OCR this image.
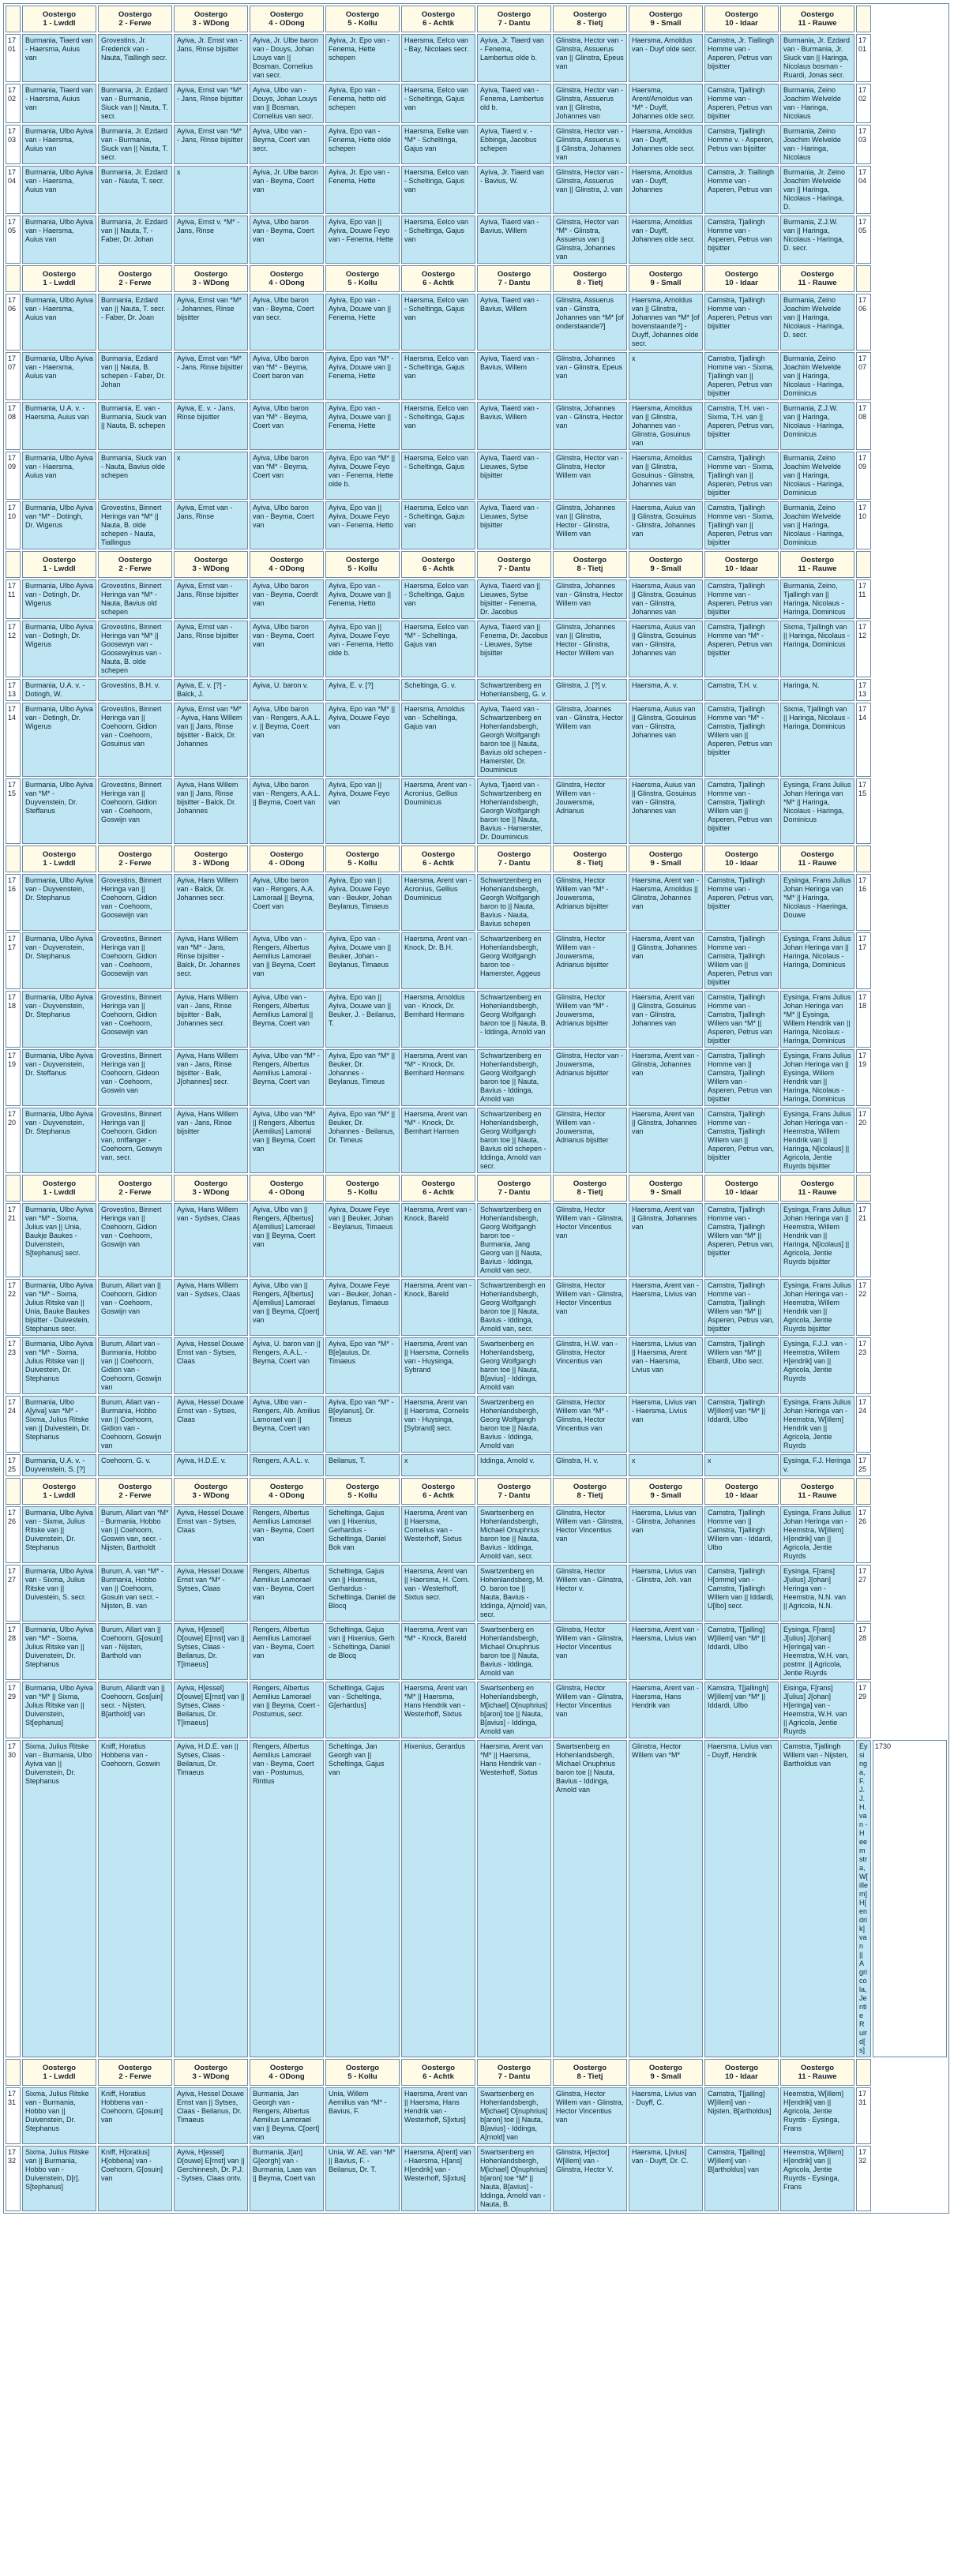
	Oostergo
1 - Lwddl	Oostergo
2 - Ferwe	Oostergo
3 - WDong	Oostergo
4 - ODong	Oostergo
5 - Kollu	Oostergo
6 - Achtk	Oostergo
7 - Dantu	Oostergo
8 - Tietj	Oostergo
9 - Small	Oostergo
10 - Idaar	Oostergo
11 - Rauwe		

1701	Burmania, Tiaerd van - Haersma, Auius van	Grovestins, Jr. Frederick van - Nauta, Tiallingh secr.	Ayiva, Jr. Ernst van - Jans, Rinse bijsitter	Ayiva, Jr. Ulbe baron van - Douys, Johan Louys van || Bosman, Cornelius van secr.	Ayiva, Jr. Epo van - Fenema, Hette schepen	Haersma, Eelco van - Bay, Nicolaes secr.	Ayiva, Jr. Tiaerd van - Fenema, Lambertus olde b.	Glinstra, Hector van - Glinstra, Assuerus van || Glinstra, Epeus van	Haersma, Arnoldus van - Duyf olde secr.	Camstra, Jr. Tiallingh Homme van - Asperen, Petrus van bijsitter	Burmania, Jr. Ezdard van - Burmania, Jr. Siuck van || Haringa, Nicolaus bosman - Ruardi, Jonas secr.	1701	
1702	Burmania, Tiaerd van - Haersma, Auius van	Burmania, Jr. Ezdard van - Burmania, Siuck van || Nauta, T. secr.	Ayiva, Ernst van *M* - Jans, Rinse bijsitter	Ayiva, Ulbo van - Douys, Johan Louys van || Bosman, Cornelius van secr.	Ayiva, Epo van - Fenema, hetto old schepen	Haersma, Eelco van - Scheltinga, Gajus van	Ayiva, Tiaerd van - Fenema, Lambertus old b.	Glinstra, Hector van - Glinstra, Assuerus van || Glinstra, Johannes van	Haersma, Arent/Arnoldus van *M* - Duyff, Johannes olde secr.	Camstra, Tjallingh Homme van - Asperen, Petrus van bijsitter	Burmania, Zeino Joachim Welvelde van - Haringa, Nicolaus	1702	
1703	Burmania, Ulbo Ayiva van - Haersma, Auius van	Burmania, Jr. Ezdard van - Burmania, Siuck van || Nauta, T. secr.	Ayiva, Ernst van *M* - Jans, Rinse bijsitter	Ayiva, Ulbo van - Beyma, Coert van secr.	Ayiva, Epo van - Fenema, Hette olde schepen	Haersma, Eelke van *M* - Scheltinga, Gajus van	Ayiva, Tiaerd v. - Ebbinga, Jacobus schepen	Glinstra, Hector van - Glinstra, Assuerus v. || Glinstra, Johannes van	Haersma, Arnoldus van - Duyff, Johannes olde secr.	Camstra, Tjallingh Homme v. - Asperen, Petrus van bijsitter	Burmania, Zeino Joachim Welvelde van - Haringa, Nicolaus	1703	
1704	Burmania, Ulbo Ayiva van - Haersma, Auius van	Burmania, Jr. Ezdard van - Nauta, T. secr.	x	Ayiva, Jr. Ulbe baron van - Beyma, Coert van	Ayiva, Jr. Epo van - Fenema, Hette	Haersma, Eelco van - Scheltinga, Gajus van	Ayiva, Jr. Tiaerd van - Bavius, W.	Glinstra, Hector van - Glinstra, Assuerus van || Glinstra, J. van	Haersma, Arnoldus van - Duyff, Johannes	Camstra, Jr. Tiallingh Homme van - Asperen, Petrus van	Burmania, Jr. Zeino Joachim Welvelde van || Haringa, Nicolaus - Haringa, D.	1704	
1705	Burmania, Ulbo Ayiva van - Haersma, Auius van	Burmania, Jr. Ezdard van || Nauta, T. - Faber, Dr. Johan	Ayiva, Ernst v. *M* - Jans, Rinse	Ayiva, Ulbo baron van - Beyma, Coert van	Ayiva, Epo van || Ayiva, Douwe Feyo van - Fenema, Hette	Haersma, Eelco van - Scheltinga, Gajus van	Ayiva, Tiaerd van - Bavius, Willem	Glinstra, Hector van *M* - Glinstra, Assuerus van || Glinstra, Johannes van	Haersma, Arnoldus van - Duyff, Johannes olde secr.	Camstra, Tjallingh Homme van - Asperen, Petrus van bijsitter	Burmania, Z.J.W. van || Haringa, Nicolaus - Haringa, D. secr.	1705	

	Oostergo
1 - Lwddl	Oostergo
2 - Ferwe	Oostergo
3 - WDong	Oostergo
4 - ODong	Oostergo
5 - Kollu	Oostergo
6 - Achtk	Oostergo
7 - Dantu	Oostergo
8 - Tietj	Oostergo
9 - Small	Oostergo
10 - Idaar	Oostergo
11 - Rauwe		

1706	Burmania, Ulbo Ayiva van - Haersma, Auius van	Burmania, Ezdard van || Nauta, T. secr. - Faber, Dr. Joan	Ayiva, Ernst van *M* - Johannes, Rinse bijsitter	Ayiva, Ulbo baron van - Beyma, Coert van secr.	Ayiva, Epo van - Ayiva, Douwe van || Fenema, Hette	Haersma, Eelco van - Scheltinga, Gajus van	Ayiva, Tiaerd van - Bavius, Willem	Glinstra, Assuerus van - Glinstra, Johannes van *M* [of onderstaande?]	Haersma, Arnoldus van || Glinstra, Johannes van *M* [of bovenstaande?] - Duyff, Johannes olde secr.	Camstra, Tjallingh Homme van - Asperen, Petrus van bijsitter	Burmania, Zeino Joachim Welvelde van || Haringa, Nicolaus - Haringa, D. secr.	1706	
1707	Burmania, Ulbo Ayiva van - Haersma, Auius van	Burmania, Ezdard van || Nauta, B. schepen - Faber, Dr. Johan	Ayiva, Ernst van *M* - Jans, Rinse bijsitter	Ayiva, Ulbo baron van *M* - Beyma, Coert baron van	Ayiva, Epo van *M* - Ayiva, Douwe van || Fenema, Hette	Haersma, Eelco van - Scheltinga, Gajus van	Ayiva, Tiaerd van - Bavius, Willem	Glinstra, Johannes van - Glinstra, Epeus van	x	Camstra, Tjallingh Homme van - Sixma, Tjallingh van || Asperen, Petrus van bijsitter	Burmania, Zeino Joachim Welvelde van || Haringa, Nicolaus - Haringa, Dominicus	1707	
1708	Burmania, U.A. v. - Haersma, Auius van	Burmania, E. van - Burmania, Siuck van || Nauta, B. schepen	Ayiva, E. v. - Jans, Rinse bijsitter	Ayiva, Ulbo baron van *M* - Beyma, Coert van	Ayiva, Epo van - Ayiva, Douwe van || Fenema, Hette	Haersma, Eelco van - Scheltinga, Gajus van	Ayiva, Tiaerd van - Bavius, Willem	Glinstra, Johannes van - Glinstra, Hector van	Haersma, Arnoldus van || Glinstra, Johannes van - Glinstra, Gosuinus van	Camstra, T.H. van - Sixma, T.H. van || Asperen, Petrus van, bijsitter	Burmania, Z.J.W. van || Haringa, Nicolaus - Haringa, Dominicus	1708	
1709	Burmania, Ulbo Ayiva van - Haersma, Auius van	Burmania, Siuck van - Nauta, Bavius olde schepen	x	Ayiva, Ulbe baron van *M* - Beyma, Coert van	Ayiva, Epo van *M* || Ayiva, Douwe Feyo van - Fenema, Hette olde b.	Haersma, Eelco van - Scheltinga, Gajus	Ayiva, Tiaerd van - Lieuwes, Sytse bijsitter	Glinstra, Hector van - Glinstra, Hector Willem van	Haersma, Arnoldus van || Glinstra, Gosuinus - Glinstra, Johannes van	Camstra, Tjallingh Homme van - Sixma, Tjallingh van || Asperen, Petrus van bijsitter	Burmania, Zeino Joachim Welvelde van || Haringa, Nicolaus - Haringa, Dominicus	1709	
1710	Burmania, Ulbo Ayiva van *M* - Dotingh, Dr. Wigerus	Grovestins, Binnert Heringa van *M* || Nauta, B. olde schepen - Nauta, Tiallingus	Ayiva, Ernst van - Jans, Rinse	Ayiva, Ulbo baron van - Beyma, Coert van	Ayiva, Epo van || Ayiva, Douwe Feyo van - Fenema, Hetto	Haersma, Eelco van - Scheltinga, Gajus van	Ayiva, Tiaerd van - Lieuwes, Sytse bijsitter	Glinstra, Johannes van || Glinstra, Hector - Glinstra, Willem van	Haersma, Auius van || Glinstra, Gosuinus - Glinstra, Johannes van	Camstra, Tjallingh Homme van - Sixma, Tjallingh van || Asperen, Petrus van bijsitter	Burmania, Zeino Joachim Welvelde van || Haringa, Nicolaus - Haringa, Dominicus	1710	

	Oostergo
1 - Lwddl	Oostergo
2 - Ferwe	Oostergo
3 - WDong	Oostergo
4 - ODong	Oostergo
5 - Kollu	Oostergo
6 - Achtk	Oostergo
7 - Dantu	Oostergo
8 - Tietj	Oostergo
9 - Small	Oostergo
10 - Idaar	Oostergo
11 - Rauwe		

1711	Burmania, Ulbo Ayiva van - Dotingh, Dr. Wigerus	Grovestins, Binnert Heringa van *M* - Nauta, Bavius old schepen	Ayiva, Ernst van - Jans, Rinse bijsitter	Ayiva, Ulbo baron van - Beyma, Coerdt van	Ayiva, Epo van - Ayiva, Douwe van || Fenema, Hetto	Haersma, Eelco van - Scheltinga, Gajus van	Ayiva, Tiaerd van || Lieuwes, Sytse bijsitter - Fenema, Dr. Jacobus	Glinstra, Johannes van - Glinstra, Hector Willem van	Haersma, Auius van || Glinstra, Gosuinus van - Glinstra, Johannes van	Camstra, Tjallingh Homme van - Asperen, Petrus van bijsitter	Burmania, Zeino, Tjallingh van || Haringa, Nicolaus - Haringa, Dominicus	1711	
1712	Burmania, Ulbo Ayiva van - Dotingh, Dr. Wigerus	Grovestins, Binnert Heringa van *M* || Goosewyn van - Goosewyinus van - Nauta, B. olde schepen	Ayiva, Ernst van - Jans, Rinse bijsitter	Ayiva, Ulbo baron van - Beyma, Coert van	Ayiva, Epo van || Ayiva, Douwe Feyo van - Fenema, Hetto olde b.	Haersma, Eelco van *M* - Scheltinga, Gajus van	Ayiva, Tiaerd van || Fenema, Dr. Jacobus - Lieuwes, Sytse bijsitter	Glinstra, Johannes van || Glinstra, Hector - Glinstra, Hector Willem van	Haersma, Auius van || Glinstra, Gosuinus van - Glinstra, Johannes van	Camstra, Tjallingh Homme van *M* - Asperen, Petrus van bijsitter	Sixma, Tjallingh van || Haringa, Nicolaus - Haringa, Dominicus	1712	
1713	Burmania, U.A. v. - Dotingh, W.	Grovestins, B.H. v.	Ayiva, E. v. [?] - Balck, J.	Ayiva, U. baron v.	Ayiva, E. v. [?]	Scheltinga, G. v.	Schwartzenberg en Hohenlansberg, G. v.	Glinstra, J. [?] v.	Haersma, A. v.	Camstra, T.H. v.	Haringa, N.	1713	
1714	Burmania, Ulbo Ayiva van - Dotingh, Dr. Wigerus	Grovestins, Binnert Heringa van || Coehoorn, Gidion van - Coehoorn, Gosuinus van	Ayiva, Ernst van *M* - Ayiva, Hans Willem van || Jans, Rinse bijsitter - Balck, Dr. Johannes	Ayiva, Ulbo baron van - Rengers, A.A.L. v. || Beyma, Coert van	Ayiva, Epo van *M* || Ayiva, Douwe Feyo van	Haersma, Arnoldus van - Scheltinga, Gajus van	Ayiva, Tiaerd van - Schwartzenberg en Hohenlandsbergh, Georgh Wolfgangh baron toe || Nauta, Bavius old schepen - Hamerster, Dr. Douminicus	Glinstra, Joannes van - Glinstra, Hector Willem van	Haersma, Auius van || Glinstra, Gosuinus van - Glinstra, Johannes van	Camstra, Tjallingh Homme van *M* - Camstra, Tjallingh Willem van || Asperen, Petrus van bijsitter	Sixma, Tjallingh van || Haringa, Nicolaus - Haringa, Dominicus	1714	
1715	Burmania, Ulbo Ayiva van *M* - Duyvenstein, Dr. Steffanus	Grovestins, Binnert Heringa van || Coehoorn, Gidion van - Coehoorn, Goswijn van	Ayiva, Hans Willem van || Jans, Rinse bijsitter - Balck, Dr. Johannes	Ayiva, Ulbo baron van - Rengers, A.A.L. || Beyma, Coert van	Ayiva, Epo van || Ayiva, Douwe Feyo van	Haersma, Arent van - Acronius, Gellius Douminicus	Ayiva, Tjaerd van - Schwartzenberg en Hohenlandsbergh, Georgh Wolfgangh baron toe || Nauta, Bavius - Hamerster, Dr. Douminicus	Glinstra, Hector Willem van - Jouwersma, Adrianus	Haersma, Auius van || Glinstra, Gosuinus van - Glinstra, Johannes van	Camstra, Tjallingh Homme van - Camstra, Tjallingh Willem van || Asperen, Petrus van bijsitter	Eysinga, Frans Julius Johan Heringa van *M* || Haringa, Nicolaus - Haringa, Dominicus	1715	

	Oostergo
1 - Lwddl	Oostergo
2 - Ferwe	Oostergo
3 - WDong	Oostergo
4 - ODong	Oostergo
5 - Kollu	Oostergo
6 - Achtk	Oostergo
7 - Dantu	Oostergo
8 - Tietj	Oostergo
9 - Small	Oostergo
10 - Idaar	Oostergo
11 - Rauwe		

1716	Burmania, Ulbo Ayiva van - Duyvenstein, Dr. Stephanus	Grovestins, Binnert Heringa van || Coehoorn, Gidion van - Coehoorn, Goosewijn van	Ayiva, Hans Willem van - Balck, Dr. Johannes secr.	Ayiva, Ulbo baron van - Rengers, A.A. Lamoraal || Beyma, Coert van	Ayiva, Epo van || Ayiva, Douwe Feyo van - Beuker, Johan Beylanus, Timaeus	Haersma, Arent van - Acronius, Gellius Douminicus	Schwartzenberg en Hohenlandsbergh, Georgh Wolfgangh baron to || Nauta, Bavius - Nauta, Bavius schepen	Glinstra, Hector Willem van *M* - Jouwersma, Adrianus bijsitter	Haersma, Arent van - Haersma, Arnoldus || Glinstra, Johannes van	Camstra, Tjallingh Homme van - Asperen, Petrus van, bijsitter	Eysinga, Frans Julius Johan Heringa van *M* || Haringa, Nicolaus - Haeringa, Douwe	1716	
1717	Burmania, Ulbo Ayiva van - Duyvenstein, Dr. Stephanus	Grovestins, Binnert Heringa van || Coehoorn, Gidion van - Coehoorn, Goosewijn van	Ayiva, Hans Willem van *M* - Jans, Rinse bijsitter - Balck, Dr. Johannes secr.	Ayiva, Ulbo van - Rengers, Albertus Aemilius Lamorael van || Beyma, Coert van	Ayiva, Epo van - Ayiva, Douwe van || Beuker, Johan - Beylanus, Timaeus	Haersma, Arent van - Knock, Dr. B.H.	Schwartzenberg en Hohenlandsbergh, Georg Wolfgangh baron toe - Hamerster, Aggeus	Glinstra, Hector Willem van - Jouwersma, Adrianus bijsitter	Haersma, Arent van || Glinstra, Johannes van	Camstra, Tjallingh Homme van - Camstra, Tjallingh Willem van || Asperen, Petrus van bijsitter	Eysinga, Frans Julius Johan Heringa van || Haringa, Nicolaus - Haringa, Dominicus	1717	
1718	Burmania, Ulbo Ayiva van - Duyvenstein, Dr. Stephanus	Grovestins, Binnert Heringa van || Coehoorn, Gidion van - Coehoorn, Goosewijn van	Ayiva, Hans Willem van - Jans, Rinse bijsitter - Balk, Johannes secr.	Ayiva, Ulbo van - Rengers, Albertus Aemilius Lamoral || Beyma, Coert van	Ayiva, Epo van || Ayiva, Douwe van || Beuker, J. - Beilanus, T.	Haersma, Arnoldus van - Knock, Dr. Bernhard Hermans	Schwartzenberg en Hohenlandsbergh, Georg Wolfgangh baron toe || Nauta, B. - Iddinga, Arnold van	Glinstra, Hector Willem van *M* - Jouwersma, Adrianus bijsitter	Haersma, Arent van || Glinstra, Gosuinus van - Glinstra, Johannes van	Camstra, Tjallingh Homme van - Camstra, Tjallingh Willem van *M* || Asperen, Petrus van bijsitter	Eysinga, Frans Julius Johan Heringa van *M* || Eysinga, Willem Hendrik van || Haringa, Nicolaus - Haringa, Dominicus	1718	
1719	Burmania, Ulbo Ayiva van - Duyvenstein, Dr. Steffanus	Grovestins, Binnert Heringa van || Coehoorn, Gideon van - Coehoorn, Goswin van	Ayiva, Hans Willem van - Jans, Rinse bijsitter - Balk, J[ohannes] secr.	Ayiva, Ulbo van *M* - Rengers, Albertus Aemilius Lamoral - Beyma, Coert van	Ayiva, Epo van *M* || Beuker, Dr. Johannes - Beylanus, Timeus	Haersma, Arent van *M* - Knock, Dr. Bernhard Hermans	Schwartzenberg en Hohenlandsbergh, Georg Wolfgangh baron toe || Nauta, Bavius - Iddinga, Arnold van	Glinstra, Hector van - Jouwersma, Adrianus bijsitter	Haersma, Arent van - Glinstra, Johannes van	Camstra, Tjallingh Homme van || Camstra, Tjallingh Willem van - Asperen, Petrus van bijsitter	Eysinga, Frans Julius Johan Heringa van || Eysinga, Willem Hendrik van || Haringa, Nicolaus - Haringa, Dominicus	1719	
1720	Burmania, Ulbo Ayiva van - Duyvenstein, Dr. Stephanus	Grovestins, Binnert Heringa van || Coehoorn, Gidion van, ontfanger - Coehoorn, Goswyn van, secr.	Ayiva, Hans Willem van - Jans, Rinse bijsitter	Ayiva, Ulbo van *M* || Rengers, Albertus [Aemilius] Lamoral van || Beyma, Coert van	Ayiva, Epo van *M* || Beuker, Dr. Johannes - Beilanus, Dr. Timeus	Haersma, Arent van *M* - Knock, Dr. Bernhart Harmen	Schwartzenberg en Hohenlandsbergh, Georg Wolfgangh baron toe || Nauta, Bavius old schepen - Iddinga, Arnold van secr.	Glinstra, Hector Willem van - Jouwersma, Adrianus bijsitter	Haersma, Arent van || Glinstra, Johannes van	Camstra, Tjallingh Homme van - Camstra, Tjallingh Willem van || Asperen, Petrus van, bijsitter	Eysinga, Frans Julius Johan Heringa van - Heemstra, Willem Hendrik van || Haringa, N[icolaus] || Agricola, Jentie Ruyrds bijsitter	1720	

	Oostergo
1 - Lwddl	Oostergo
2 - Ferwe	Oostergo
3 - WDong	Oostergo
4 - ODong	Oostergo
5 - Kollu	Oostergo
6 - Achtk	Oostergo
7 - Dantu	Oostergo
8 - Tietj	Oostergo
9 - Small	Oostergo
10 - Idaar	Oostergo
11 - Rauwe		

1721	Burmania, Ulbo Ayiva van *M* - Sixma, Julius van || Unia, Baukje Baukes - Duivenstein, S[tephanus] secr.	Grovestins, Binnert Heringa van || Coehoorn, Gidion van - Coehoorn, Goswijn van	Ayiva, Hans Willem van - Sydses, Claas	Ayiva, Ulbo van || Rengers, A[lbertus] A[emilius] Lamorael van || Beyma, Coert van	Ayiva, Douwe Feye van || Beuker, Johan - Beylanus, Timaeus	Haersma, Arent van - Knock, Bareld	Schwartzenberg en Hohenlandsbergh, Georg Wolfgangh baron toe - Burmania, Jang Georg van || Nauta, Bavius - Iddinga, Arnold van secr.	Glinstra, Hector Willem van - Glinstra, Hector Vincentius van	Haersma, Arent van || Glinstra, Johannes van	Camstra, Tjallingh Homme van - Camstra, Tjallingh Willem van *M* || Asperen, Petrus van, bijsitter	Eysinga, Frans Julius Johan Heringa van || Heemstra, Willem Hendrik van || Haringa, N[icolaus] || Agricola, Jentie Ruyrds bijsitter	1721	
1722	Burmania, Ulbo Ayiva van *M* - Sixma, Julius Ritske van || Unia, Bauke Baukes bijsitter - Duivestein, Stephanus secr.	Burum, Allart van || Coehoorn, Gidion van - Coehoorn, Goswijn van	Ayiva, Hans Willem van - Sydses, Claas	Ayiva, Ulbo van || Rengers, A[lbertus] A[emilius] Lamorael van || Beyma, C[oert] van	Ayiva, Douwe Feye van - Beuker, Johan - Beylanus, Timaeus	Haersma, Arent van - Knock, Bareld	Schwartzenbergh en Hohenlandsbergh, Georg Wolfgangh baron toe || Nauta, Bavius - Iddinga, Arnold van, secr.	Glinstra, Hector Willem van - Glinstra, Hector Vincentius van	Haersma, Arent van - Haersma, Livius van	Camstra, Tjallingh Homme van - Camstra, Tjallingh Willem van *M* || Asperen, Petrus van, bijsitter	Eysinga, Frans Julius Johan Heringa van - Heemstra, Willem Hendrik van || Agricola, Jentie Ruyrds bijsitter	1722	
1723	Burmania, Ulbo Ayiva van *M* - Sixma, Julius Ritske van || Duivestein, Dr. Stephanus	Burum, Allart van - Burmania, Hobbo van || Coehoorn, Gidion van - Coehoorn, Goswijn van	Ayiva, Hessel Douwe Ernst van - Sytses, Claas	Ayiva, U. baron van || Rengers, A.A.L. - Beyma, Coert van	Ayiva, Epo van *M* - B[e]auius, Dr. Timaeus	Haersma, Arent van || Haersma, Cornelis van - Huysinga, Sybrand	Swartsenberg en Hohenlandsberg, Georg Wolfgangh baron toe || Nauta, B[avius] - Iddinga, Arnold van	Glinstra, H.W. van - Glinstra, Hector Vincentius van	Haersma, Livius van || Haersma, Arent van - Haersma, Livius van	Camstra, Tjallingh Willem van *M* || Ebardi, Ulbo secr.	Eysinga, F.J.J. van - Heemstra, Willem H[endrik] van || Agricola, Jentie Ruyrds	1723	
1724	Burmania, Ulbo A[yiva] van *M* - Sixma, Julius Ritske van || Duivestein, Dr. Stephanus	Burum, Allart van - Burmania, Hobbo van || Coehoorn, Gidion van - Coehoorn, Goswijn van	Ayiva, Hessel Douwe Ernst van - Sytses, Claas	Ayiva, Ulbo van - Rengers, Alb. Amilius Lamorael van || Beyma, Coert van	Ayiva, Epo van *M* - B[eylanus], Dr. Timeus	Haersma, Arent van || Haersma, Cornelis van - Huysinga, [Sybrand] secr.	Swartzenberg en Hohenlandsbergh, Georg Wolfgangh baron toe || Nauta, Bavius - Iddinga, Arnold van	Glinstra, Hector Willem van *M* - Glinstra, Hector Vincentius van	Haersma, Livius van - Haersma, Livius van	Camstra, Tjallingh W[illem] van *M* || Iddardi, Ulbo	Eysinga, Frans Julius Johan Heringa van - Heemstra, W[illem] Hendrik van || Agricola, Jentie Ruyrds	1724	
1725	Burmania, U.A. v. - Duyvenstein, S. [?]	Coehoorn, G. v.	Ayiva, H.D.E. v.	Rengers, A.A.L. v.	Beilanus, T.	x	Iddinga, Arnold v.	Glinstra, H. v.	x	x	Eysinga, F.J. Heringa v.	1725	

	Oostergo
1 - Lwddl	Oostergo
2 - Ferwe	Oostergo
3 - WDong	Oostergo
4 - ODong	Oostergo
5 - Kollu	Oostergo
6 - Achtk	Oostergo
7 - Dantu	Oostergo
8 - Tietj	Oostergo
9 - Small	Oostergo
10 - Idaar	Oostergo
11 - Rauwe		

1726	Burmania, Ulbo Ayiva van - Sixma, Julius Ritske van || Duivenstein, Dr. Stephanus	Burum, Allart van *M* - Burmania, Hobbo van || Coehoorn, Goswin van, secr. - Nijsten, Bartholdt	Ayiva, Hessel Douwe Ernst van - Sytses, Claas	Rengers, Albertus Aemilius Lamorael van - Beyma, Coert van	Scheltinga, Gajus van || Hixenius, Gerhardus - Scheltinga, Daniel Bok van	Haersma, Arent van || Haersma, Cornelius van - Westerhoff, Sixtus	Swartsenberg en Hohenlandsbergh, Michael Onuphrius baron toe || Nauta, Bavius - Iddinga, Arnold van, secr.	Glinstra, Hector Willem van - Glinstra, Hector Vincentius van	Haersma, Livius van - Glinstra, Johannes van	Camstra, Tjallingh Homme van || Camstra, Tjallingh Willem van - Iddardi, Ulbo	Eysinga, Frans Julius Johan Heringa van - Heemstra, W[illem] H[endrik] van || Agricola, Jentie Ruyrds	1726	
1727	Burmania, Ulbo Ayiva van - Sixma, Julius Ritske van || Duivestein, S. secr.	Burum, A. van *M* - Burmania, Hobbo van || Coehoorn, Gosuin van secr. - Nijsten, B. van	Ayiva, Hessel Douwe Ernst van *M* - Sytses, Claas	Rengers, Albertus Aemilius Lamorael van - Beyma, Coert van	Scheltinga, Gajus van || Hixenius, Gerhardus - Scheltinga, Daniel de Blocq	Haersma, Arent van || Haersma, H. Corn. van - Westerhoff, Sixtus secr.	Swartzenberg en Hohenlandsberg, M. O. baron toe || Nauta, Bavius - Iddinga, A[rnold] van, secr.	Glinstra, Hector Willem van - Glinstra, Hector v.	Haersma, Livius van - Glinstra, Joh. van	Camstra, Tjallingh H[omme] van - Camstra, Tjallingh Willem van || Iddardi, U[lbo] secr.	Eysinga, F[rans] J[ulius] J[ohan] Heringa van - Heemstra, N.N. van || Agricola, N.N.	1727	
1728	Burmania, Ulbo Ayiva van *M* - Sixma, Julius Ritske van || Duivenstein, Dr. Stephanus	Burum, Allart van || Coehoorn, G[osuin] van - Nijsten, Barthold van	Ayiva, H[essel] D[ouwe] E[rnst] van || Sytses, Claas - Beilanus, Dr. T[imaeus]	Rengers, Albertus Aemilius Lamorael van - Beyma, Coert van	Scheltinga, Gajus van || Hixenius, Gerh - Scheltinga, Daniel de Blocq	Haersma, Arent van *M* - Knock, Bareld	Swartsenberg en Hohenlandsbergh, Michael Onuphrius baron toe || Nauta, Bavius - Iddinga, Arnold van	Glinstra, Hector Willem van - Glinstra, Hector Vincentius van	Haersma, Arent van - Haersma, Livius van	Camstra, T[jalling] W[illem] van *M* || Iddardi, Ulbo	Eysinga, F[rans] J[ulius] J[ohan] H[eringa] van - Heemstra, W.H. van, postmr. || Agricola, Jentie Ruyrds	1728	
1729	Burmania, Ulbo Ayiva van *M* || Sixma, Julius Ritske van || Duivenstein, St[ephanus]	Burum, Allardt van || Coehoorn, Gos[uin] secr. - Nijsten, B[arthold] van	Ayiva, H[essel] D[ouwe] E[rnst] van || Sytses, Claas - Beilanus, Dr. T[imaeus]	Rengers, Albertus Aemilius Lamorael van || Beyma, Coert - Postumus, secr.	Scheltinga, Gajus van - Scheltinga, G[erhardus]	Haersma, Arent van *M* || Haersma, Hans Hendrik van - Westerhoff, Sixtus	Swartsenberg en Hohenlandsbergh, M[ichael] O[nuphrius] b[aron] toe || Nauta, B[avius] - Iddinga, Arnold van	Glinstra, Hector Willem van - Glinstra, Hector Vincentius van	Haersma, Arent van - Haersma, Hans Hendrik van	Kamstra, T[jallingh] W[illem] van *M* || Iddardi, Ulbo	Eisinga, F[rans] J[ulius] J[ohan] H[eringa] van - Heemstra, W.H. van || Agricola, Jentie Ruyrds	1729	
1730	Sixma, Julius Ritske van - Burmania, Ulbo Ayiva van || Duivenstein, Dr. Stephanus	Kniff, Horatius Hobbena van - Coehoorn, Goswin	Ayiva, H.D.E. van || Sytses, Claas - Beilanus, Dr. Timaeus	Rengers, Albertus Aemilius Lamorael van - Beyma, Coert van - Postumus, Rintius	Scheltinga, Jan Georgh van || Scheltinga, Gajus van	Hixenius, Gerardus	Haersma, Arent van *M* || Haersma, Hans Hendrik van - Westerhoff, Sixtus	Swartsenberg en Hohenlandsbergh, Michael Onuphrius baron toe || Nauta, Bavius - Iddinga, Arnold van	Glinstra, Hector Willem van *M*	Haersma, Livius van - Duyff, Hendrik	Camstra, Tjallingh Willem van - Nijsten, Bartholdus van	Eysinga, F.J.J.H. van - Heemstra, W[illem] H[endrik] van || Agricola, Jentie Ruird[s]	1730

	Oostergo
1 - Lwddl	Oostergo
2 - Ferwe	Oostergo
3 - WDong	Oostergo
4 - ODong	Oostergo
5 - Kollu	Oostergo
6 - Achtk	Oostergo
7 - Dantu	Oostergo
8 - Tietj	Oostergo
9 - Small	Oostergo
10 - Idaar	Oostergo
11 - Rauwe		

1731	Sixma, Julius Ritske van - Burmania, Hobbo van || Duivenstein, Dr. Stephanus	Kniff, Horatius Hobbena van - Coehoorn, G[osuin] van	Ayiva, Hessel Douwe Ernst van || Sytses, Claas - Beilanus, Dr. Timaeus	Burmania, Jan Georgh van - Rengers, Albertus Aemilius Lamorael van || Beyma, C[oert] van	Unia, Willem Aemilius van *M* - Bavius, F.	Haersma, Arent van || Haersma, Hans Hendrik van - Westerhoff, S[ixtus]	Swartsenberg en Hohenlandsbergh, M[ichael] O[nuphrius] b[aron] toe || Nauta, B[avius] - Iddinga, A[rnold] van	Glinstra, Hector Willem van - Glinstra, Hector Vincentius van	Haersma, Livius van - Duyff, C.	Camstra, T[jalling] W[illem] van - Nijsten, B[artholdus]	Heemstra, W[illem] H[endrik] van || Agricola, Jentie Ruyrds - Eysinga, Frans	1731	
1732	Sixma, Julius Ritske van || Burmania, Hobbo van - Duivenstein, D[r]. S[tephanus]	Kniff, H[oratius] H[obbena] van - Coehoorn, G[osuin] van	Ayiva, H[essel] D[ouwe] E[rnst] van || Gerchinnesh, Dr. P.J. - Sytses, Claas ontv.	Burmania, J[an] G[eorgh] van - Burmania, Laas van || Beyma, Coert van	Unia, W. AE. van *M* || Bavius, F. - Beilanus, Dr. T.	Haersma, A[rent] van - Haersma, H[ans] H[endrik] van - Westerhoff, S[ixtus]	Swartsenberg en Hohenlandsbergh, M[ichael] O[nuphrius] b[aron] toe *M* || Nauta, B[avius] - Iddinga, Arnold van - Nauta, B.	Glinstra, H[ector] W[illem] van - Glinstra, Hector V.	Haersma, L[ivius] van - Duyff, Dr. C.	Camstra, T[jalling] W[illem] van - B[artholdus] van	Heemstra, W[illem] H[endrik] van || Agricola, Jentie Ruyrds - Eysinga, Frans	1732	
